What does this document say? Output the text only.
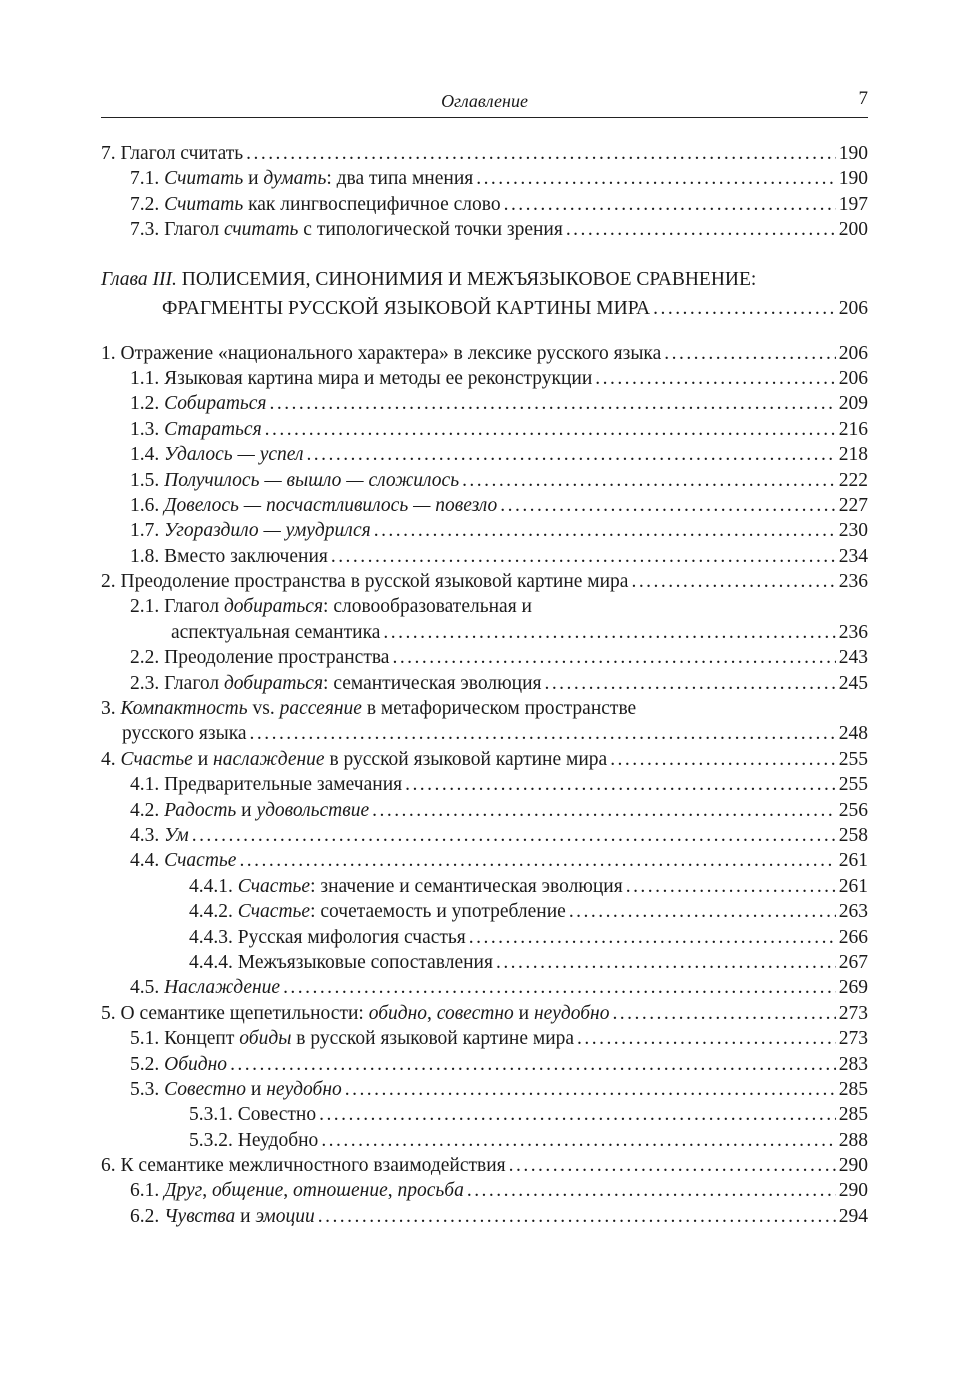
Оглавление	7
7. Глагол считать . . .	190
7.1. Считать и думать: два типа мнения . . .	190
7.2. Считать как лингвоспецифичное слово . . .	197
7.3. Глагол считать с типологической точки зрения . . .	200
Глава III. ПОЛИСЕМИЯ, СИНОНИМИЯ И МЕЖЪЯЗЫКОВОЕ СРАВНЕНИЕ:
ФРАГМЕНТЫ РУССКОЙ ЯЗЫКОВОЙ КАРТИНЫ МИРА . . .	206
1. Отражение «национального характера» в лексике русского языка . . .	206
1.1. Языковая картина мира и методы ее реконструкции . . .	206
1.2. Собираться . . .	209
1.3. Стараться . . .	216
1.4. Удалось — успел . . .	218
1.5. Получилось — вышло — сложилось . . .	222
1.6. Довелось — посчастливилось — повезло . . .	227
1.7. Угораздило — умудрился . . .	230
1.8. Вместо заключения . . .	234
2. Преодоление пространства в русской языковой картине мира . . .	236
2.1. Глагол добираться: словообразовательная и
аспектуальная семантика . . .	236
2.2. Преодоление пространства . . .	243
2.3. Глагол добираться: семантическая эволюция . . .	245
3. Компактность vs. рассеяние в метафорическом пространстве
русского языка . . .	248
4. Счастье и наслаждение в русской языковой картине мира . . .	255
4.1. Предварительные замечания . . .	255
4.2. Радость и удовольствие . . .	256
4.3. Ум . . .	258
4.4. Счастье . . .	261
4.4.1. Счастье: значение и семантическая эволюция . . .	261
4.4.2. Счастье: сочетаемость и употребление . . .	263
4.4.3. Русская мифология счастья . . .	266
4.4.4. Межъязыковые сопоставления . . .	267
4.5. Наслаждение . . .	269
5. О семантике щепетильности: обидно, совестно и неудобно . . .	273
5.1. Концепт обиды в русской языковой картине мира . . .	273
5.2. Обидно . . .	283
5.3. Совестно и неудобно . . .	285
5.3.1. Совестно . . .	285
5.3.2. Неудобно . . .	288
6. К семантике межличностного взаимодействия . . .	290
6.1. Друг, общение, отношение, просьба . . .	290
6.2. Чувства и эмоции . . .	294
